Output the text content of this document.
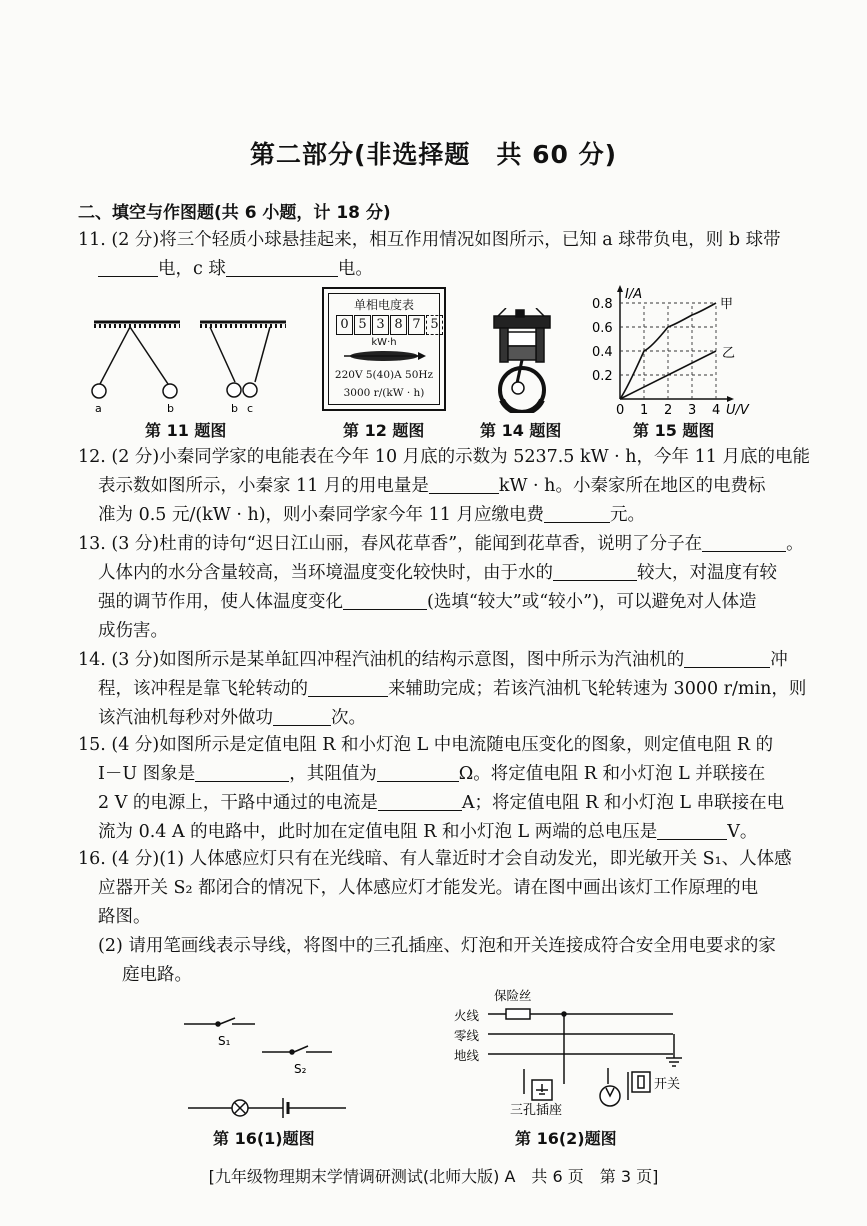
第二部分(非选择题　共 60 分)
二、填空与作图题(共 6 小题，计 18 分)
11. (2 分)将三个轻质小球悬挂起来，相互作用情况如图所示，已知 a 球带负电，则 b 球带
电，c 球	电。
a	b	b c
第 11 题图
单相电度表
0 5 3 8 7 5
kW·h
220V 5(40)A 50Hz
3000 r/(kW · h)
第 12 题图	第 14 题图
0 1 2 3 4
0.8
0.6
0.4
0.2
I/A
U/V
甲
乙
第 15 题图
12. (2 分)小秦同学家的电能表在今年 10 月底的示数为 5237.5 kW · h，今年 11 月底的电能
表示数如图所示，小秦家 11 月的用电量是	kW · h。小秦家所在地区的电费标
准为 0.5 元/(kW · h)，则小秦同学家今年 11 月应缴电费	元。
13. (3 分)杜甫的诗句“迟日江山丽，春风花草香”，能闻到花草香，说明了分子在	。
人体内的水分含量较高，当环境温度变化较快时，由于水的	较大，对温度有较
强的调节作用，使人体温度变化	(选填“较大”或“较小”)，可以避免对人体造
成伤害。
14. (3 分)如图所示是某单缸四冲程汽油机的结构示意图，图中所示为汽油机的	冲
程，该冲程是靠飞轮转动的	来辅助完成；若该汽油机飞轮转速为 3000 r/min，则
该汽油机每秒对外做功	次。
15. (4 分)如图所示是定值电阻 R 和小灯泡 L 中电流随电压变化的图象，则定值电阻 R 的
I－U 图象是	，其阻值为	Ω。将定值电阻 R 和小灯泡 L 并联接在
2 V 的电源上，干路中通过的电流是	A；将定值电阻 R 和小灯泡 L 串联接在电
流为 0.4 A 的电路中，此时加在定值电阻 R 和小灯泡 L 两端的总电压是	V。
16. (4 分)(1) 人体感应灯只有在光线暗、有人靠近时才会自动发光，即光敏开关 S₁、人体感
应器开关 S₂ 都闭合的情况下，人体感应灯才能发光。请在图中画出该灯工作原理的电
路图。
(2) 请用笔画线表示导线，将图中的三孔插座、灯泡和开关连接成符合安全用电要求的家
庭电路。
S₁
S₂
第 16(1)题图
火线
零线
地线
保险丝
开关
三孔插座
第 16(2)题图
[九年级物理期末学情调研测试(北师大版) A　共 6 页　第 3 页]
